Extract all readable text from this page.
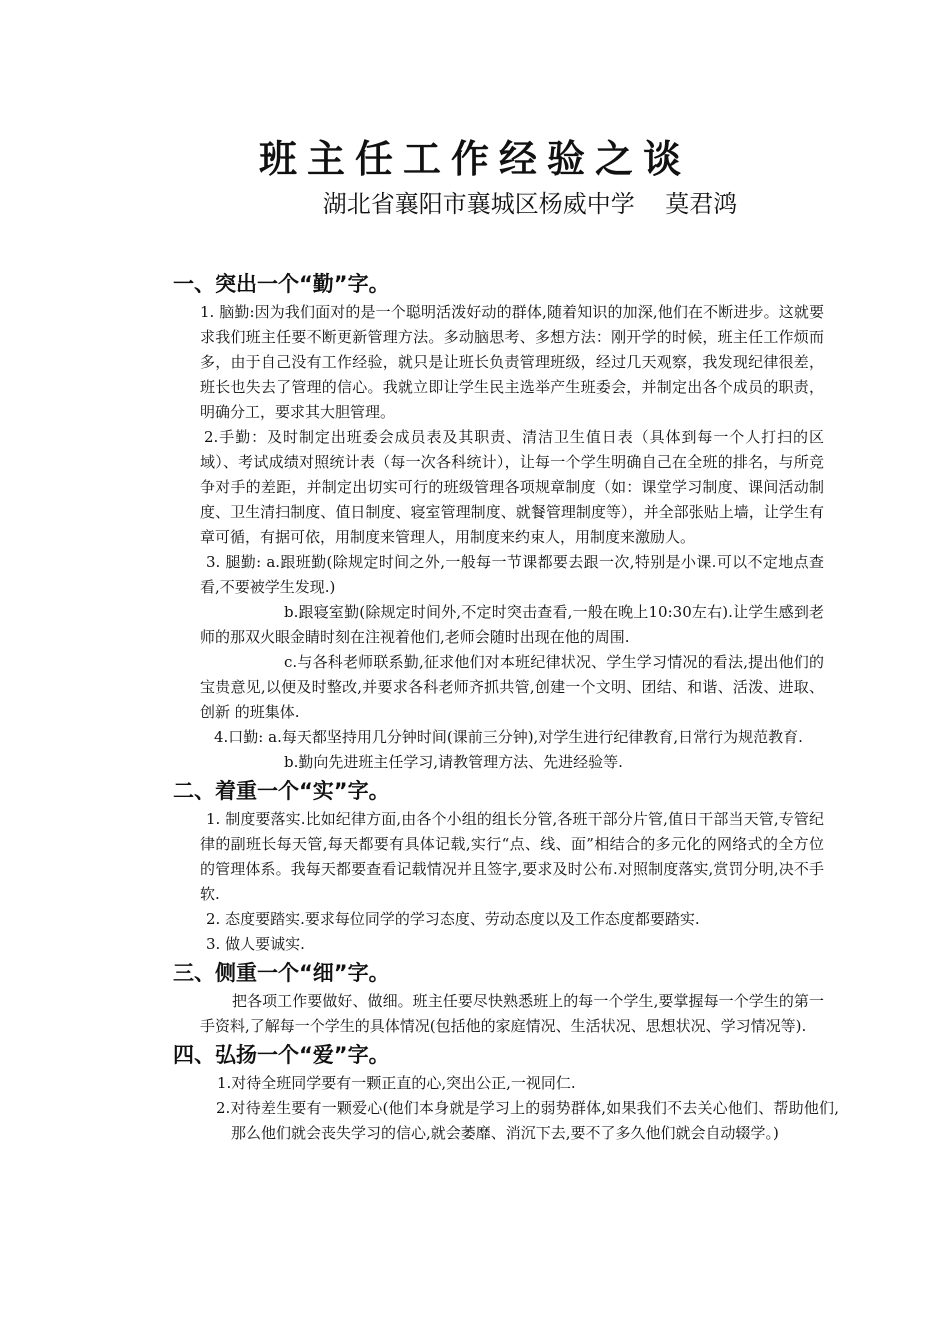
班主任工作经验之谈
湖北省襄阳市襄城区杨威中学    莫君鸿
一、突出一个“勤”字。

1. 脑勤:因为我们面对的是一个聪明活泼好动的群体,随着知识的加深,他们在不断进步。这就要求我们班主任要不断更新管理方法。多动脑思考、多想方法：刚开学的时候，班主任工作烦而多，由于自己没有工作经验，就只是让班长负责管理班级，经过几天观察，我发现纪律很差，班长也失去了管理的信心。我就立即让学生民主选举产生班委会，并制定出各个成员的职责，明确分工，要求其大胆管理。

2.手勤：及时制定出班委会成员表及其职责、清洁卫生值日表（具体到每一个人打扫的区域）、考试成绩对照统计表（每一次各科统计），让每一个学生明确自己在全班的排名，与所竞争对手的差距，并制定出切实可行的班级管理各项规章制度（如：课堂学习制度、课间活动制度、卫生清扫制度、值日制度、寝室管理制度、就餐管理制度等），并全部张贴上墙，让学生有章可循，有据可依，用制度来管理人，用制度来约束人，用制度来激励人。

3. 腿勤: a.跟班勤(除规定时间之外,一般每一节课都要去跟一次,特别是小课.可以不定地点查看,不要被学生发现.)

b.跟寝室勤(除规定时间外,不定时突击查看,一般在晚上10:30左右).让学生感到老师的那双火眼金睛时刻在注视着他们,老师会随时出现在他的周围.

c.与各科老师联系勤,征求他们对本班纪律状况、学生学习情况的看法,提出他们的宝贵意见,以便及时整改,并要求各科老师齐抓共管,创建一个文明、团结、和谐、活泼、进取、创新 的班集体.

4.口勤: a.每天都坚持用几分钟时间(课前三分钟),对学生进行纪律教育,日常行为规范教育.

b.勤向先进班主任学习,请教管理方法、先进经验等.

二、着重一个“实”字。

1. 制度要落实.比如纪律方面,由各个小组的组长分管,各班干部分片管,值日干部当天管,专管纪律的副班长每天管,每天都要有具体记载,实行“点、线、面”相结合的多元化的网络式的全方位的管理体系。我每天都要查看记载情况并且签字,要求及时公布.对照制度落实,赏罚分明,决不手软.

2. 态度要踏实.要求每位同学的学习态度、劳动态度以及工作态度都要踏实.

3. 做人要诚实.

三、侧重一个“细”字。

把各项工作要做好、做细。班主任要尽快熟悉班上的每一个学生,要掌握每一个学生的第一手资料,了解每一个学生的具体情况(包括他的家庭情况、生活状况、思想状况、学习情况等).

四、弘扬一个“爱”字。

1.对待全班同学要有一颗正直的心,突出公正,一视同仁.

2.对待差生要有一颗爱心(他们本身就是学习上的弱势群体,如果我们不去关心他们、帮助他们,那么他们就会丧失学习的信心,就会萎靡、消沉下去,要不了多久他们就会自动辍学。)
